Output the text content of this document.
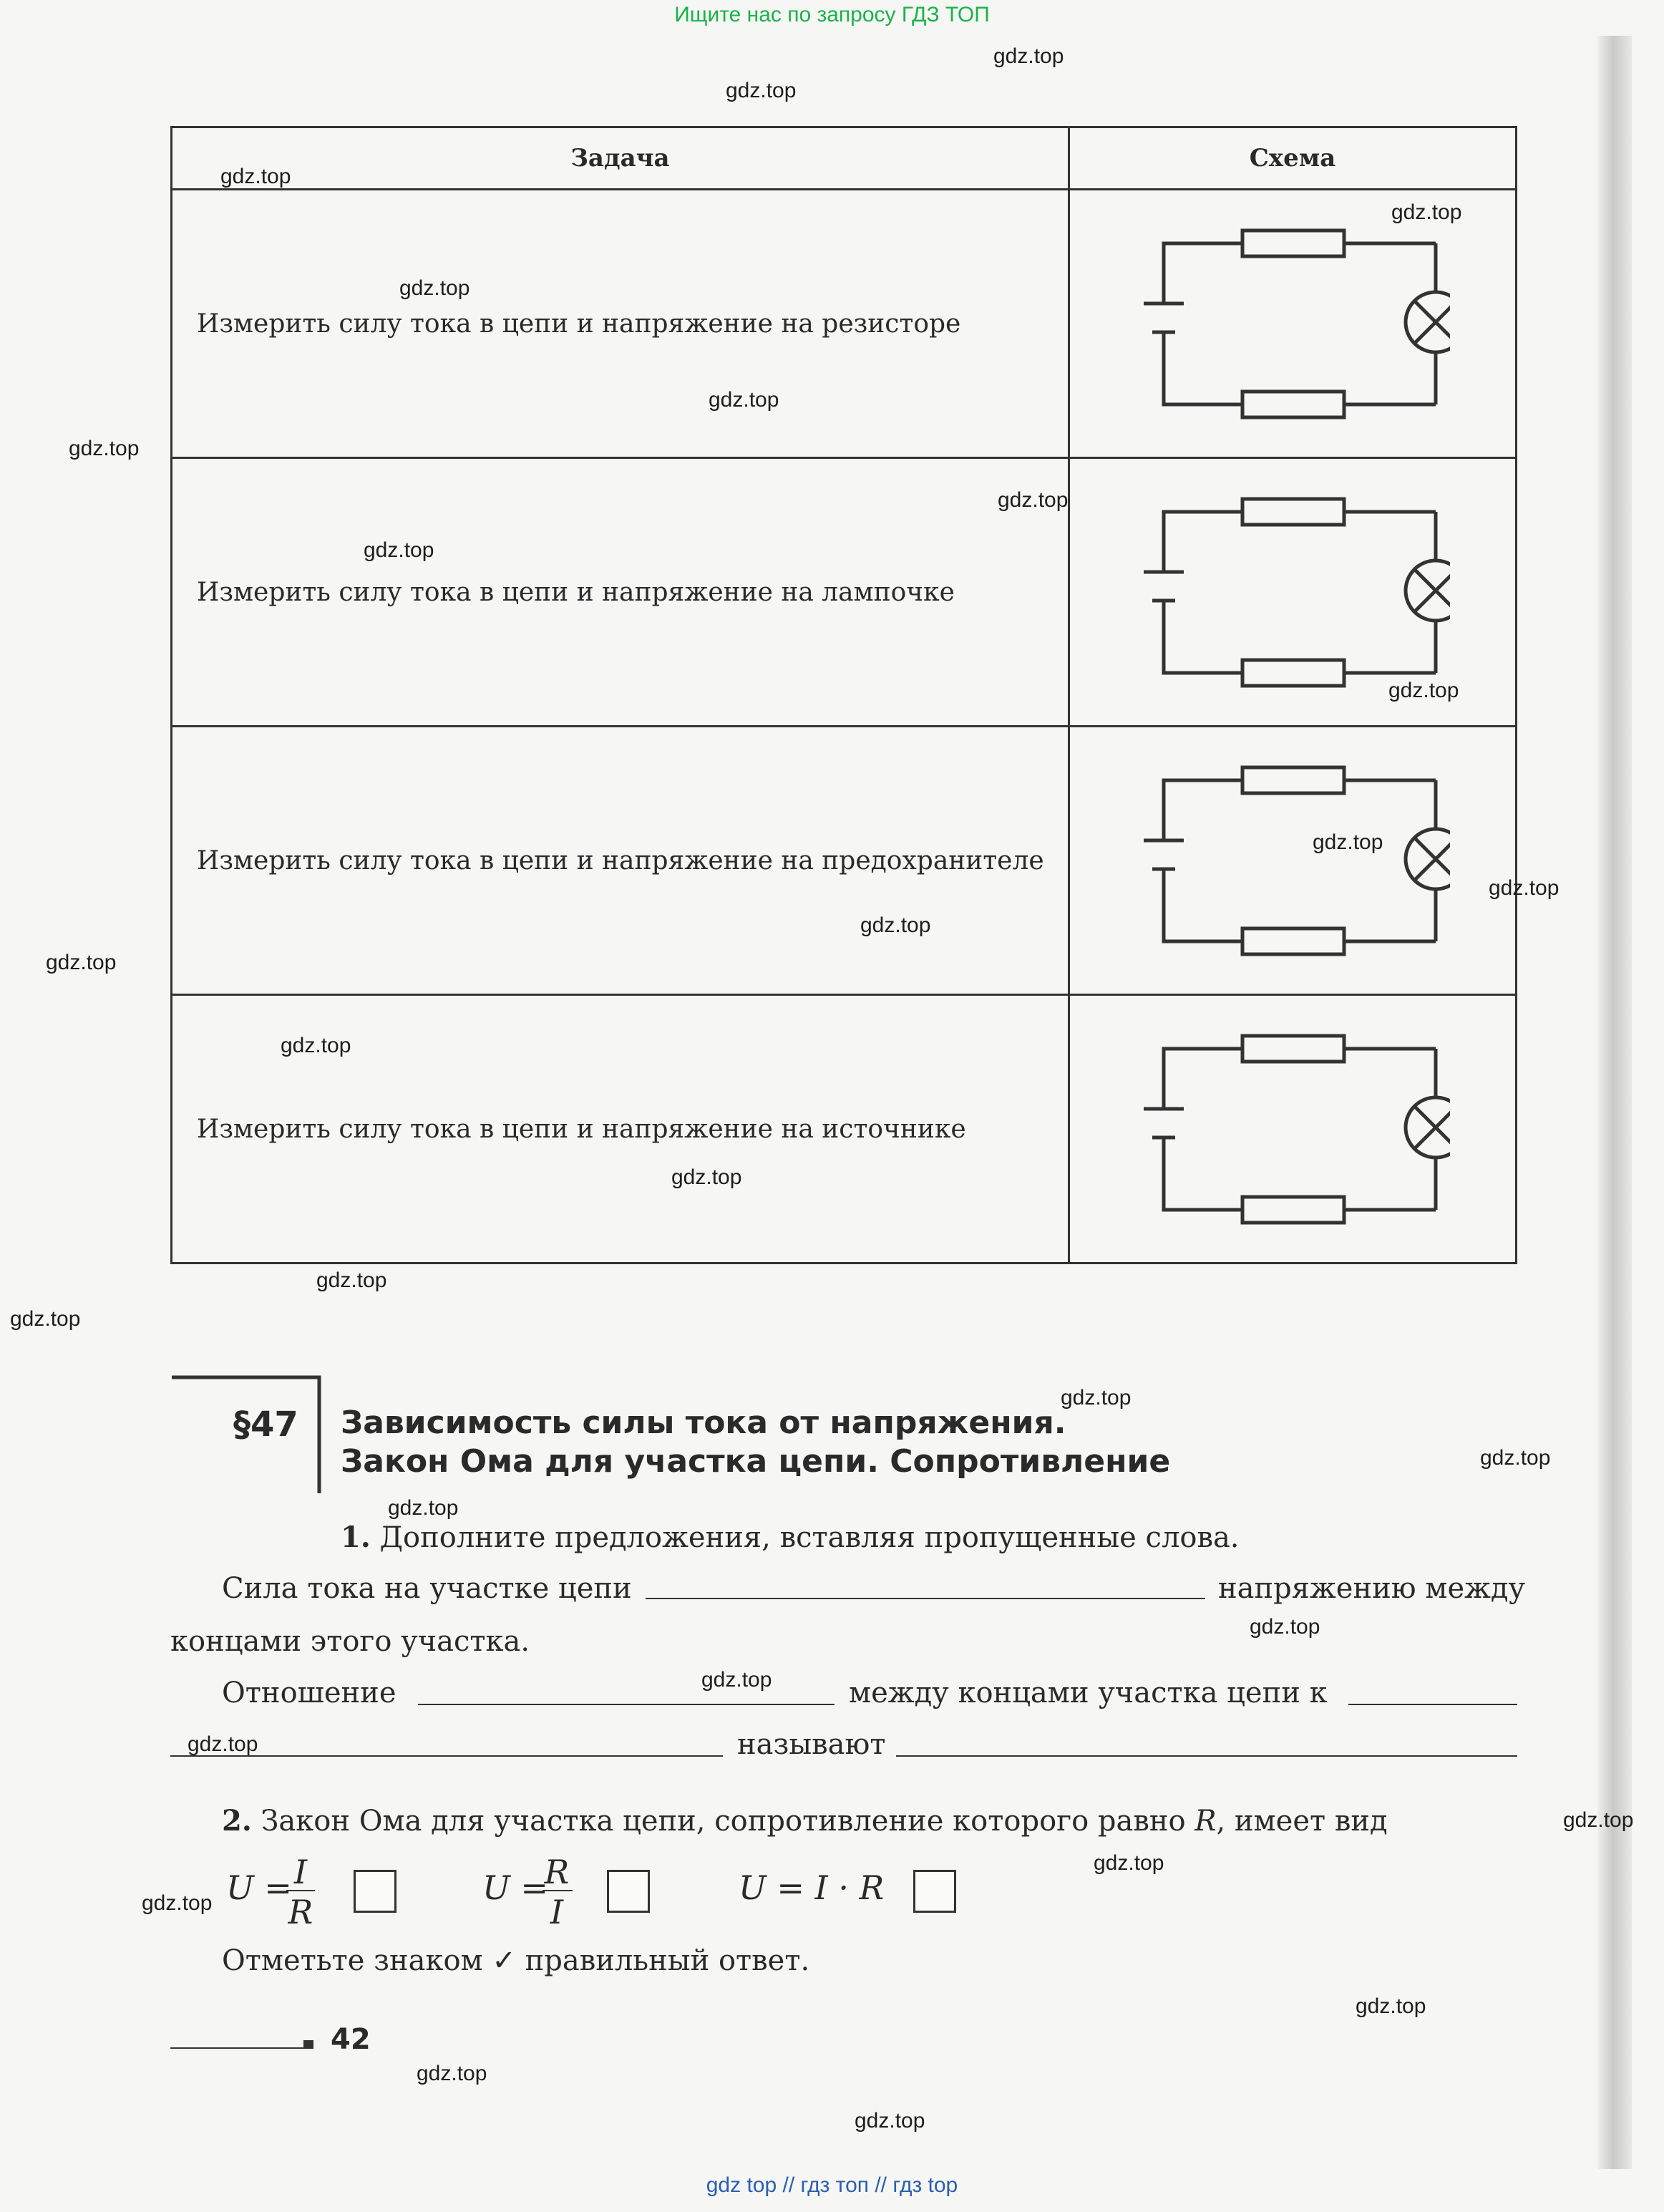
Ищите нас по запросу ГДЗ ТОП
Задача	Схема
Измерить силу тока в цепи и напряжение на резисторе	
Измерить силу тока в цепи и напряжение на лампочке	
Измерить силу тока в цепи и напряжение на предохранителе	
Измерить силу тока в цепи и напряжение на источнике	
§47 Зависимость силы тока от напряжения.
Закон Ома для участка цепи. Сопротивление
1. Дополните предложения, вставляя пропущенные слова.
Сила тока на участке цепи	напряжению между
концами этого участка.
Отношение	между концами участка цепи к
называют
2. Закон Ома для участка цепи, сопротивление которого равно R, имеет вид
U = I
R
U =
R
I
U = I · R
Отметьте знаком ✓ правильный ответ.
42
gdz.top
gdz.top
gdz.top
gdz.top
gdz.top
gdz.top
gdz.top
gdz.top
gdz.top
gdz.top
gdz.top
gdz.top
gdz.top
gdz.top
gdz.top
gdz.top
gdz.top
gdz.top
gdz.top
gdz.top
gdz.top
gdz.top
gdz.top
gdz.top
gdz.top
gdz.top
gdz.top
gdz.top
gdz.top
gdz.top
gdz top // гдз топ // гдз top
